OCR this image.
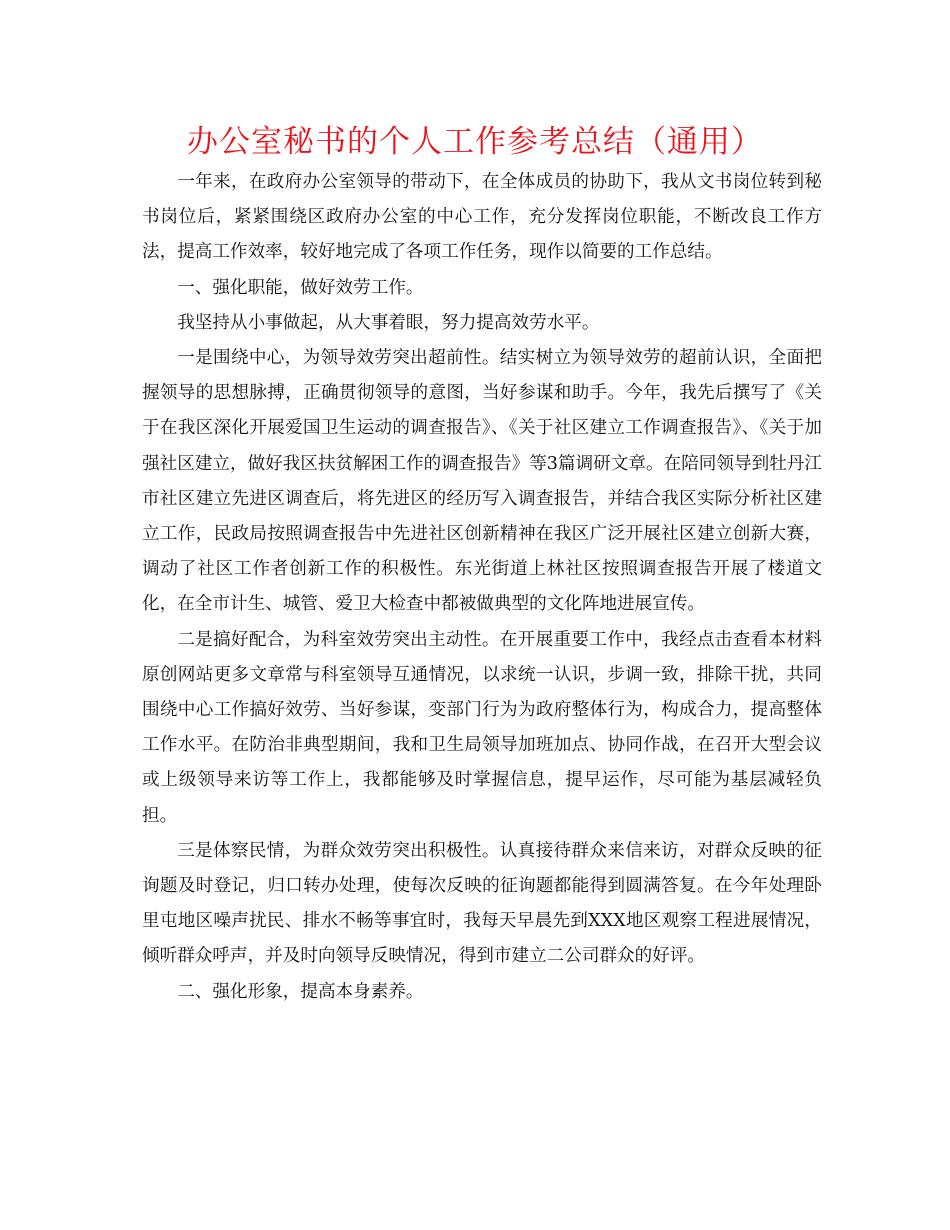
办公室秘书的个人工作参考总结（通用）

一年来，在政府办公室领导的带动下，在全体成员的协助下，我从文书岗位转到秘书岗位后，紧紧围绕区政府办公室的中心工作，充分发挥岗位职能，不断改良工作方法，提高工作效率，较好地完成了各项工作任务，现作以简要的工作总结。

一、强化职能，做好效劳工作。

我坚持从小事做起，从大事着眼，努力提高效劳水平。

一是围绕中心，为领导效劳突出超前性。结实树立为领导效劳的超前认识，全面把握领导的思想脉搏，正确贯彻领导的意图，当好参谋和助手。今年，我先后撰写了《关于在我区深化开展爱国卫生运动的调查报告》、《关于社区建立工作调查报告》、《关于加强社区建立，做好我区扶贫解困工作的调查报告》等3篇调研文章。在陪同领导到牡丹江市社区建立先进区调查后，将先进区的经历写入调查报告，并结合我区实际分析社区建立工作，民政局按照调查报告中先进社区创新精神在我区广泛开展社区建立创新大赛，调动了社区工作者创新工作的积极性。东光街道上林社区按照调查报告开展了楼道文化，在全市计生、城管、爱卫大检查中都被做典型的文化阵地进展宣传。

二是搞好配合，为科室效劳突出主动性。在开展重要工作中，我经点击查看本材料原创网站更多文章常与科室领导互通情况，以求统一认识，步调一致，排除干扰，共同围绕中心工作搞好效劳、当好参谋，变部门行为为政府整体行为，构成合力，提高整体工作水平。在防治非典型期间，我和卫生局领导加班加点、协同作战，在召开大型会议或上级领导来访等工作上，我都能够及时掌握信息，提早运作，尽可能为基层减轻负担。

三是体察民情，为群众效劳突出积极性。认真接待群众来信来访，对群众反映的征询题及时登记，归口转办处理，使每次反映的征询题都能得到圆满答复。在今年处理卧里屯地区噪声扰民、排水不畅等事宜时，我每天早晨先到XXX地区观察工程进展情况，倾听群众呼声，并及时向领导反映情况，得到市建立二公司群众的好评。

二、强化形象，提高本身素养。
